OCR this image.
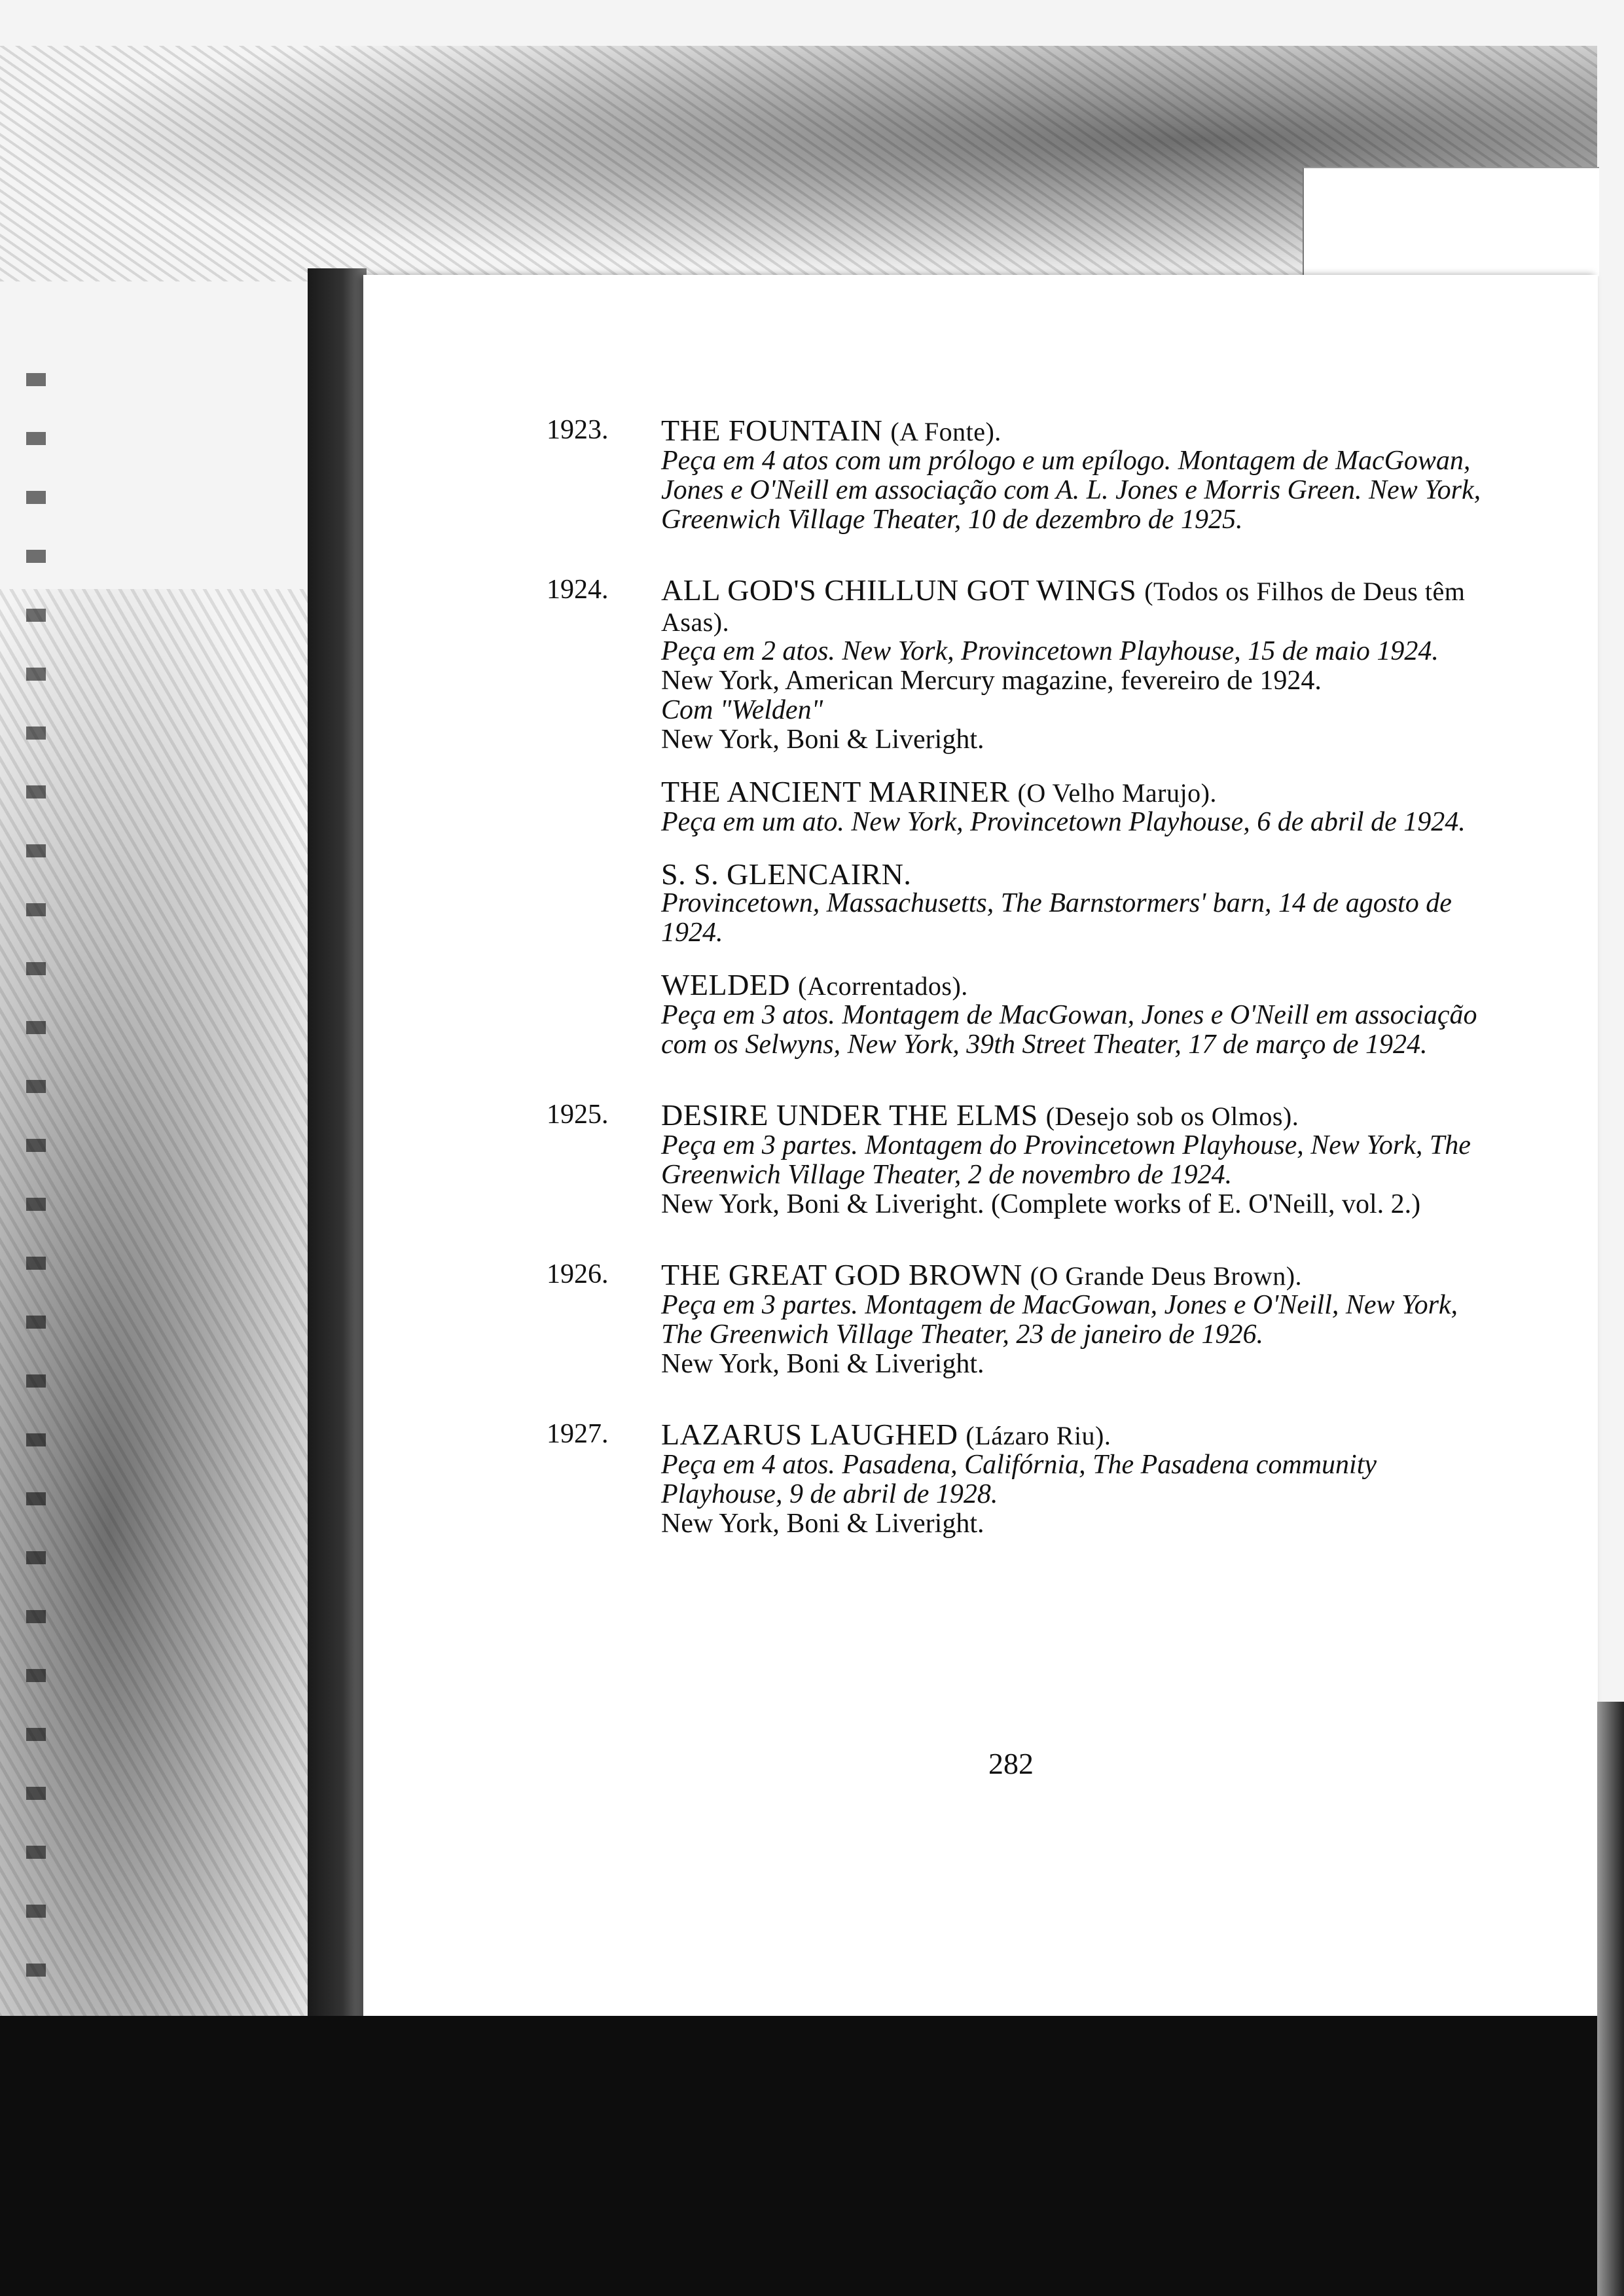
1923.	THE FOUNTAIN (A Fonte).

Peça em 4 atos com um prólogo e um epílogo. Montagem de MacGowan, Jones e O'Neill em associação com A. L. Jones e Morris Green. New York, Greenwich Village Theater, 10 de dezembro de 1925.

1924.	ALL GOD'S CHILLUN GOT WINGS (Todos os Filhos de Deus têm Asas).

Peça em 2 atos. New York, Provincetown Playhouse, 15 de maio 1924.

New York, American Mercury magazine, fevereiro de 1924.

Com "Welden"

New York, Boni & Liveright.

THE ANCIENT MARINER (O Velho Marujo).

Peça em um ato. New York, Provincetown Playhouse, 6 de abril de 1924.

S. S. GLENCAIRN.

Provincetown, Massachusetts, The Barnstormers' barn, 14 de agosto de 1924.

WELDED (Acorrentados).

Peça em 3 atos. Montagem de MacGowan, Jones e O'Neill em associação com os Selwyns, New York, 39th Street Theater, 17 de março de 1924.

1925.	DESIRE UNDER THE ELMS (Desejo sob os Olmos).

Peça em 3 partes. Montagem do Provincetown Playhouse, New York, The Greenwich Village Theater, 2 de novembro de 1924.

New York, Boni & Liveright. (Complete works of E. O'Neill, vol. 2.)

1926.	THE GREAT GOD BROWN (O Grande Deus Brown).

Peça em 3 partes. Montagem de MacGowan, Jones e O'Neill, New York, The Greenwich Village Theater, 23 de janeiro de 1926.

New York, Boni & Liveright.

1927.	LAZARUS LAUGHED (Lázaro Riu).

Peça em 4 atos. Pasadena, Califórnia, The Pasadena community Playhouse, 9 de abril de 1928.

New York, Boni & Liveright.

282
